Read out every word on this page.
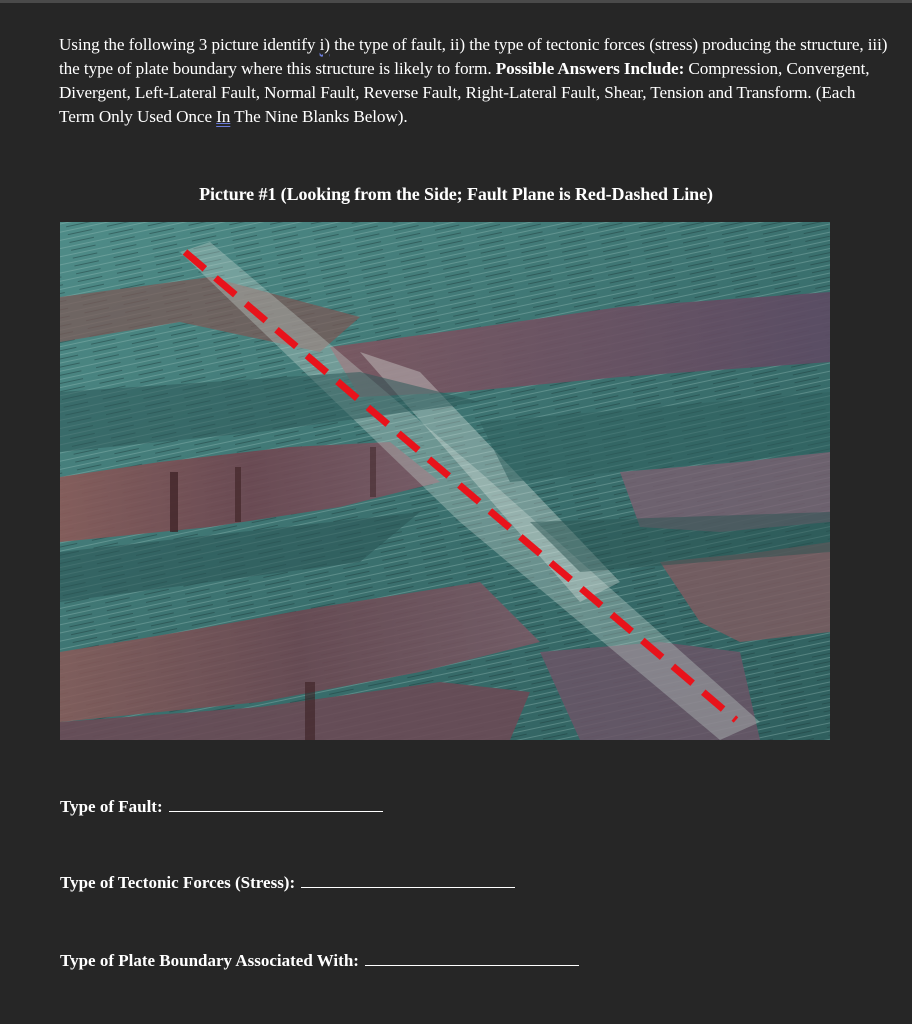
Using the following 3 picture identify i) the type of fault, ii) the type of tectonic forces (stress) producing the structure, iii) the type of plate boundary where this structure is likely to form. Possible Answers Include: Compression, Convergent, Divergent, Left-Lateral Fault, Normal Fault, Reverse Fault, Right-Lateral Fault, Shear, Tension and Transform. (Each Term Only Used Once In The Nine Blanks Below).
Picture #1 (Looking from the Side; Fault Plane is Red-Dashed Line)
Type of Fault:
Type of Tectonic Forces (Stress):
Type of Plate Boundary Associated With:
